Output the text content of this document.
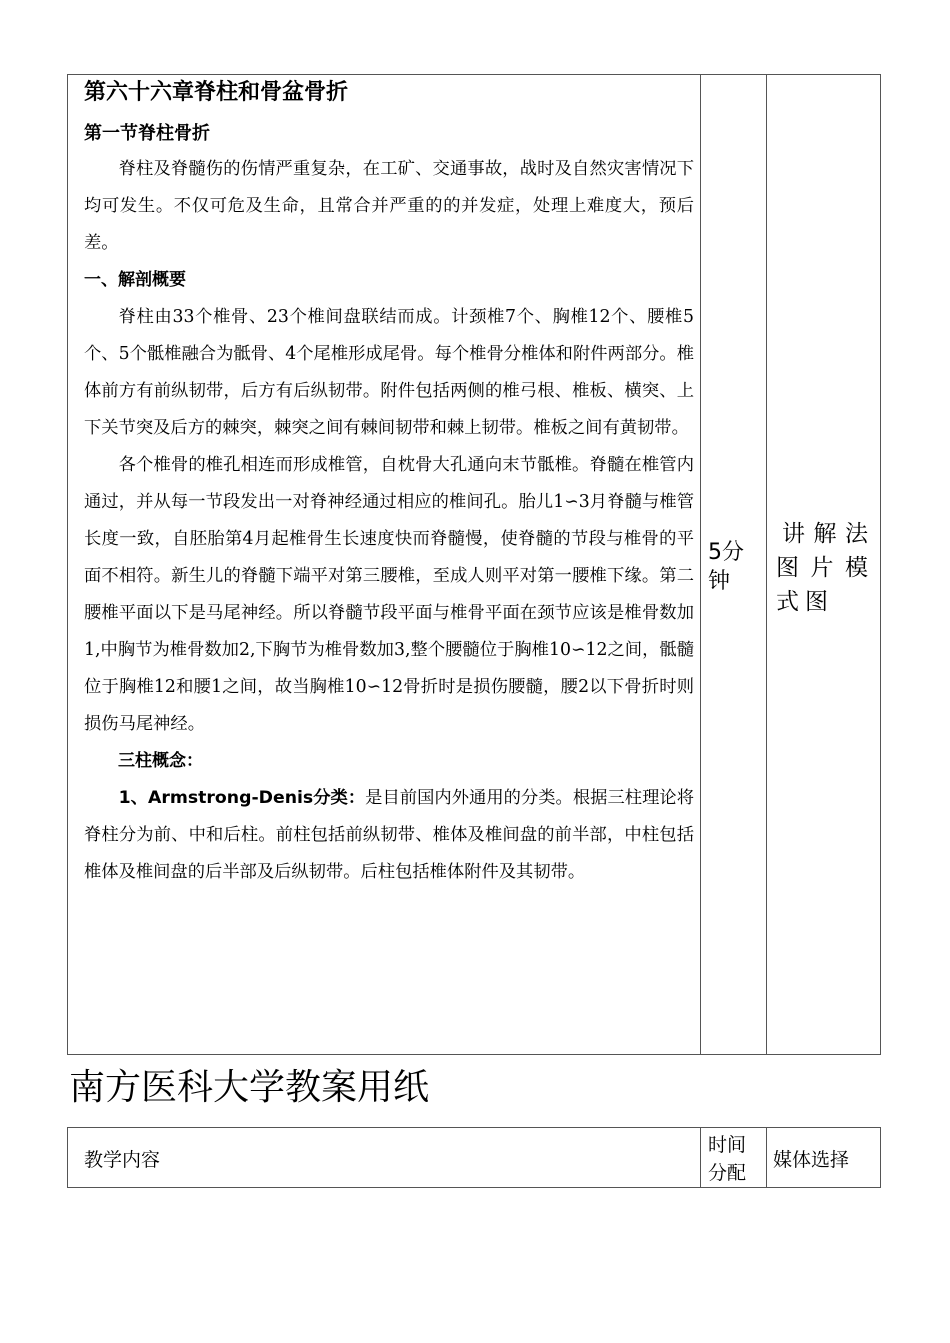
第六十六章脊柱和骨盆骨折
第一节脊柱骨折

脊柱及脊髓伤的伤情严重复杂，在工矿、交通事故，战时及自然灾害情况下均可发生。不仅可危及生命，且常合并严重的的并发症，处理上难度大，预后差。

一、解剖概要

脊柱由33个椎骨、23个椎间盘联结而成。计颈椎7个、胸椎12个、腰椎5个、5个骶椎融合为骶骨、4个尾椎形成尾骨。每个椎骨分椎体和附件两部分。椎体前方有前纵韧带，后方有后纵韧带。附件包括两侧的椎弓根、椎板、横突、上下关节突及后方的棘突，棘突之间有棘间韧带和棘上韧带。椎板之间有黄韧带。

各个椎骨的椎孔相连而形成椎管，自枕骨大孔通向末节骶椎。脊髓在椎管内通过，并从每一节段发出一对脊神经通过相应的椎间孔。胎儿1∽3月脊髓与椎管长度一致，自胚胎第4月起椎骨生长速度快而脊髓慢，使脊髓的节段与椎骨的平面不相符。新生儿的脊髓下端平对第三腰椎，至成人则平对第一腰椎下缘。第二腰椎平面以下是马尾神经。所以脊髓节段平面与椎骨平面在颈节应该是椎骨数加1,中胸节为椎骨数加2,下胸节为椎骨数加3,整个腰髓位于胸椎10∽12之间，骶髓位于胸椎12和腰1之间，故当胸椎10∽12骨折时是损伤腰髓，腰2以下骨折时则损伤马尾神经。

三柱概念：

1、Armstrong-Denis分类：是目前国内外通用的分类。根据三柱理论将脊柱分为前、中和后柱。前柱包括前纵韧带、椎体及椎间盘的前半部，中柱包括椎体及椎间盘的后半部及后纵韧带。后柱包括椎体附件及其韧带。

5分钟
讲解法图片模式图
南方医科大学教案用纸
教学内容
时间
分配
媒体选择
